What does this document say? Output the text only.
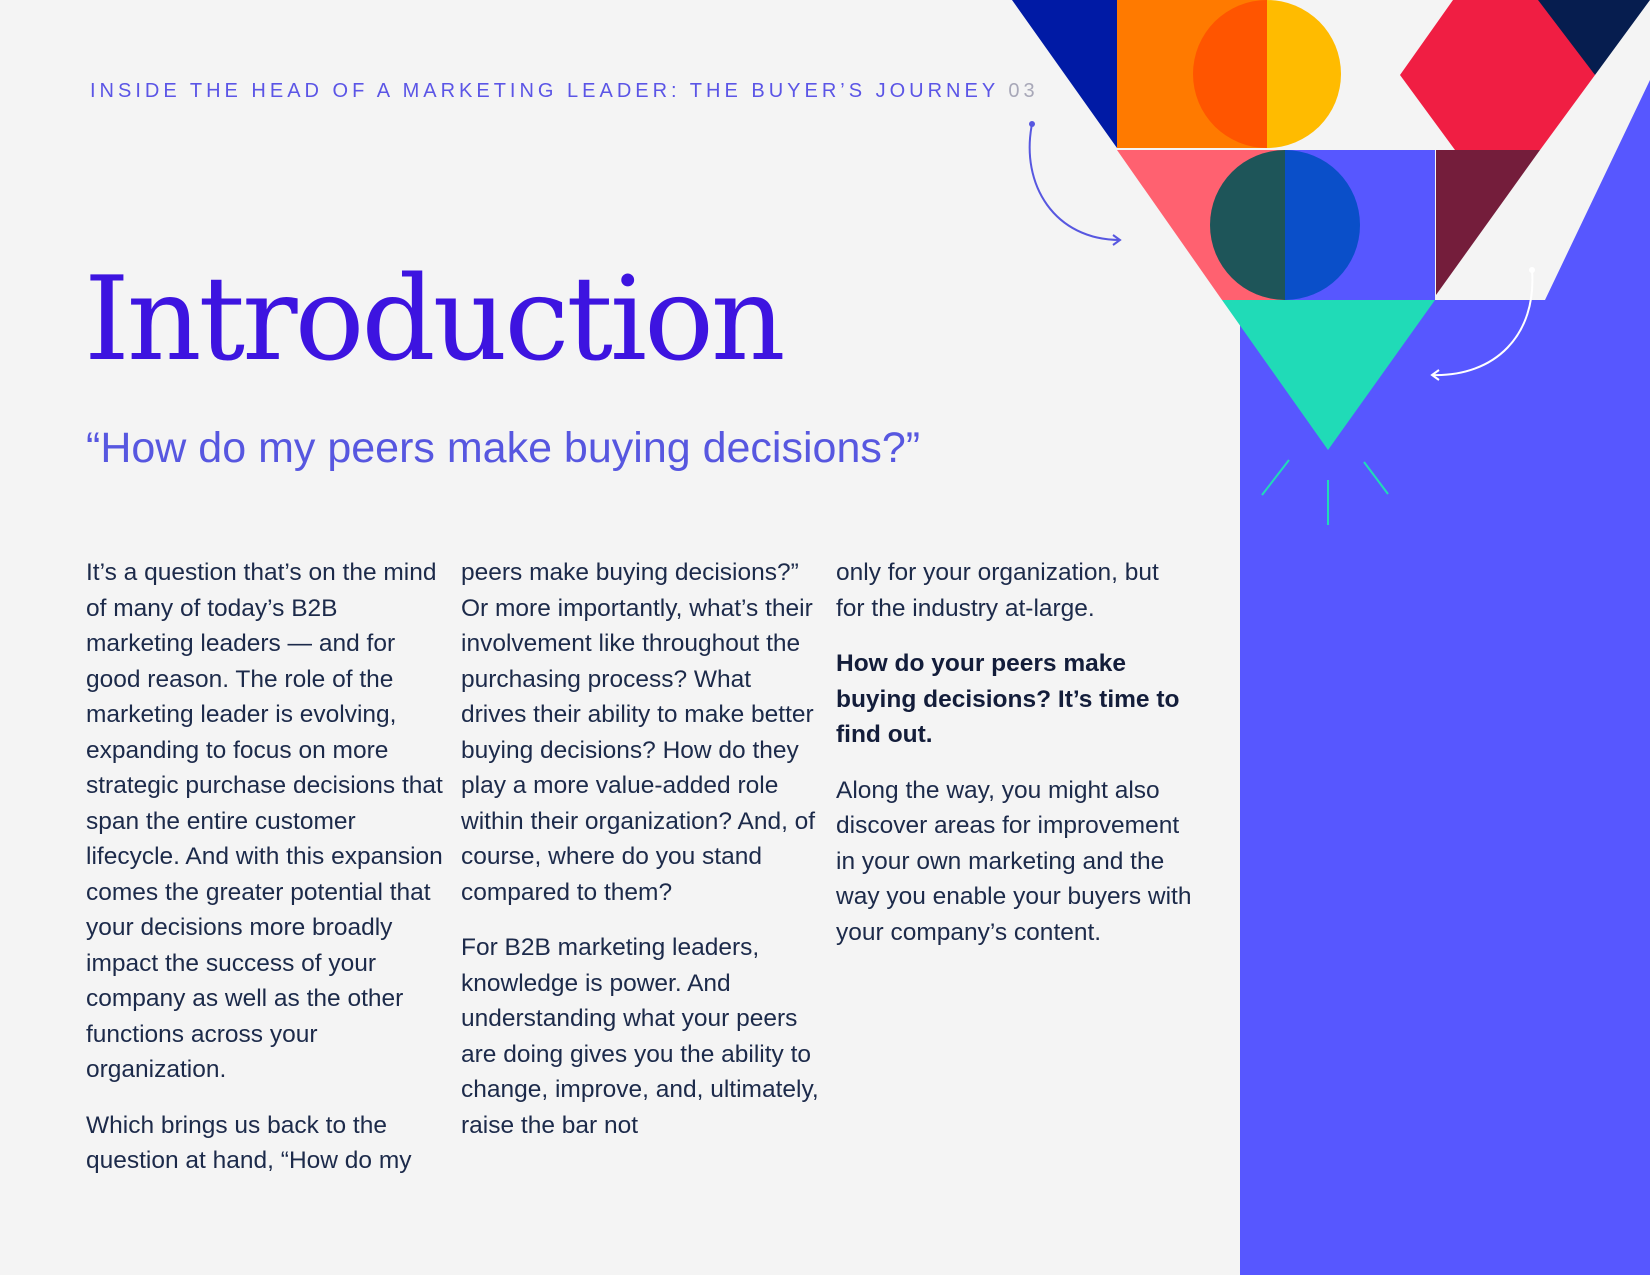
INSIDE THE HEAD OF A MARKETING LEADER: THE BUYER’S JOURNEY 03
Introduction
“How do my peers make buying decisions?”

It’s a question that’s on the mind of many of today’s B2B marketing leaders — and for good reason. The role of the marketing leader is evolving, expanding to focus on more strategic purchase decisions that span the entire customer lifecycle. And with this expansion comes the greater potential that your decisions more broadly impact the success of your company as well as the other functions across your organization.

Which brings us back to the question at hand, “How do my

peers make buying decisions?” Or more importantly, what’s their involvement like throughout the purchasing process? What drives their ability to make better buying decisions? How do they play a more value-added role within their organization? And, of course, where do you stand compared to them?

For B2B marketing leaders, knowledge is power. And understanding what your peers are doing gives you the ability to change, improve, and, ultimately, raise the bar not

only for your organization, but for the industry at-large.

How do your peers make buying decisions? It’s time to find out.

Along the way, you might also discover areas for improvement in your own marketing and the way you enable your buyers with your company’s content.
